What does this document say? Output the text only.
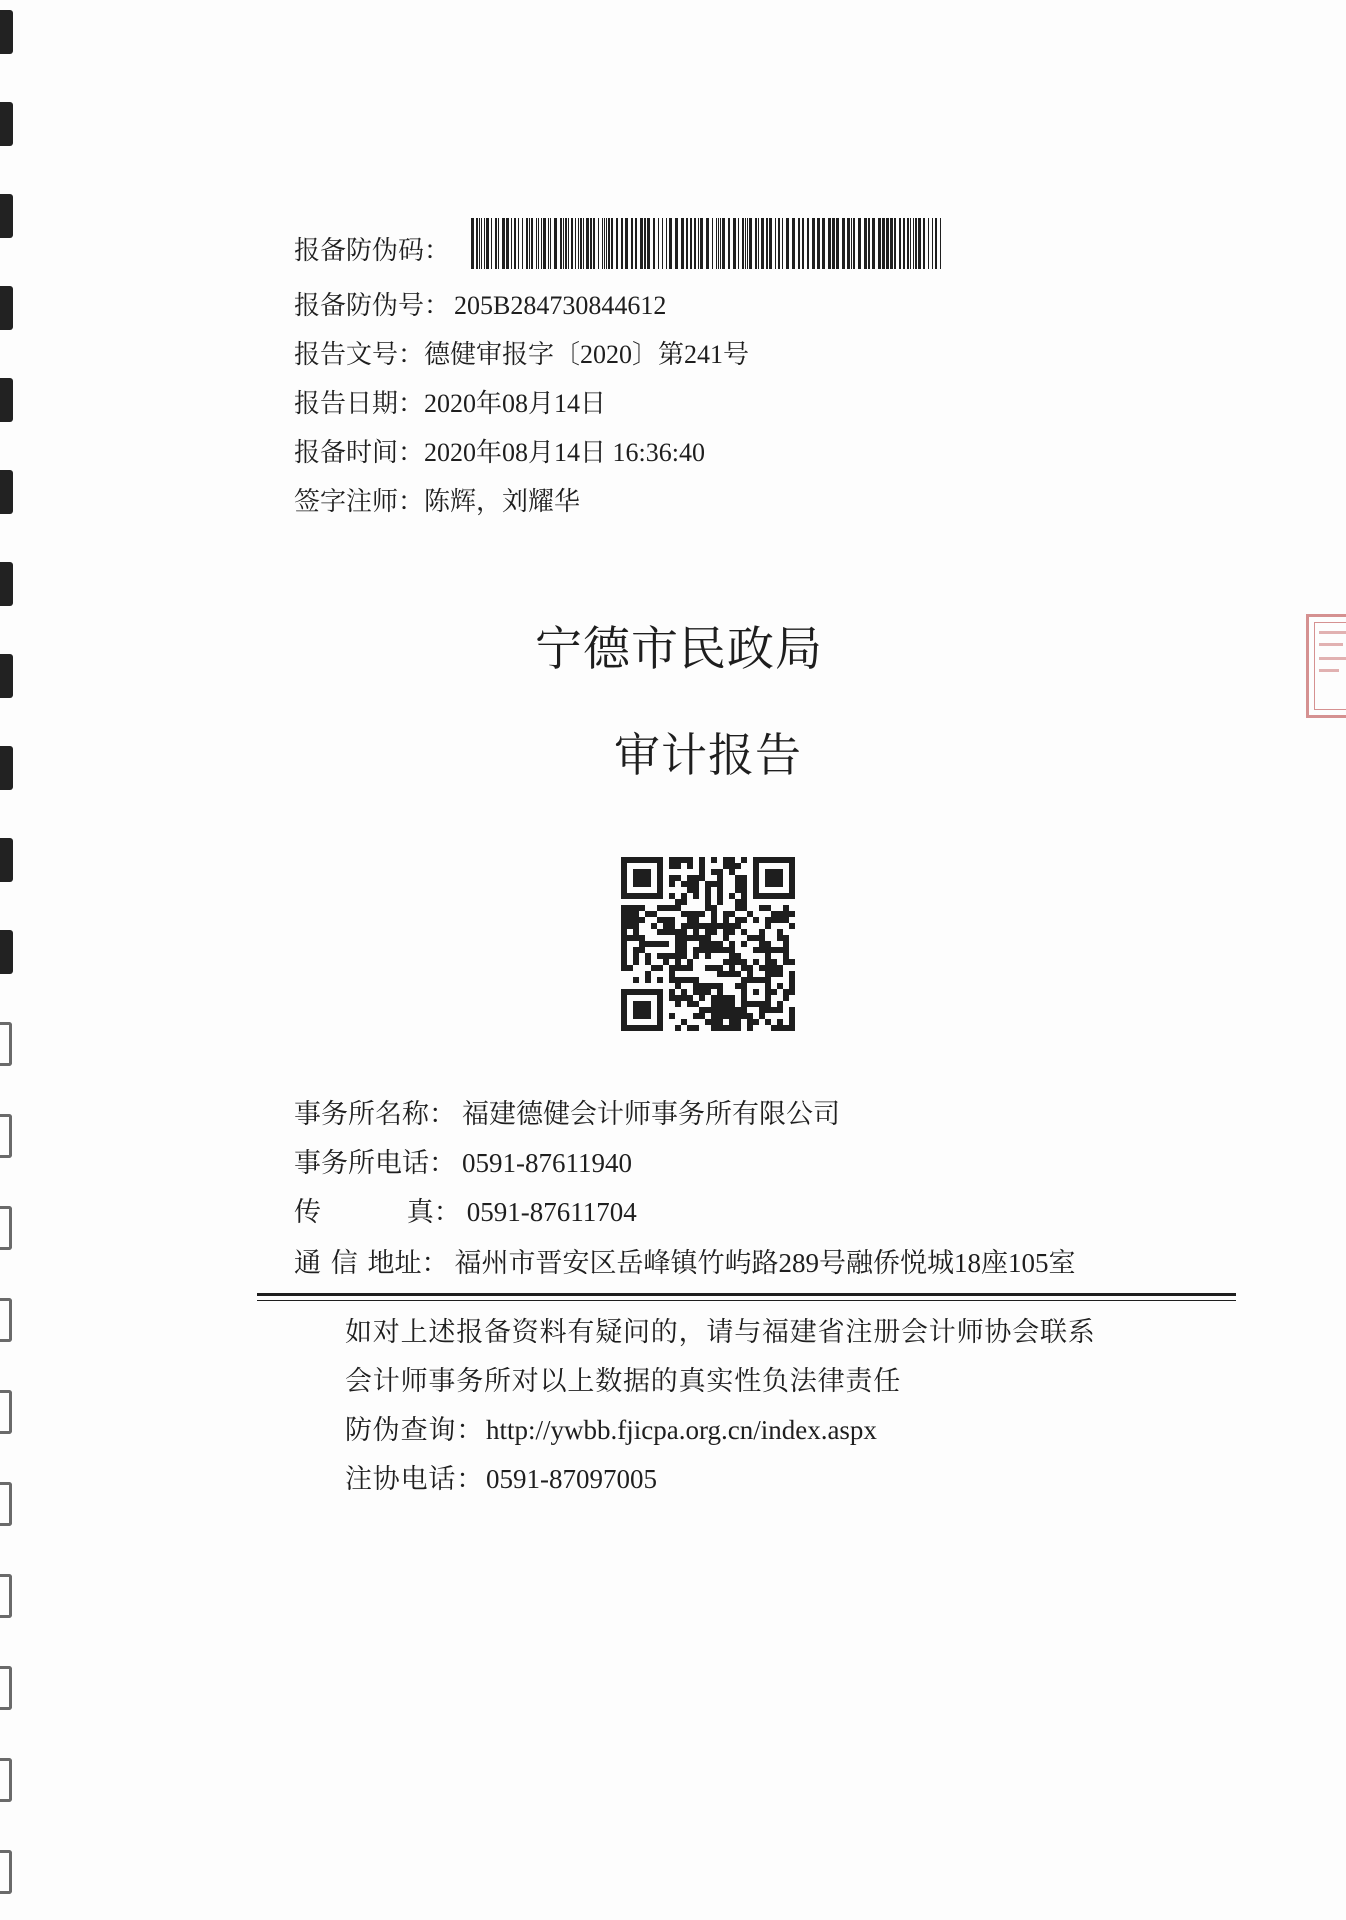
报备防伪码：
报备防伪号： 205B284730844612
报告文号：德健审报字〔2020〕第241号
报告日期：2020年08月14日
报备时间：2020年08月14日 16:36:40
签字注师：陈辉，刘耀华
宁德市民政局
审计报告
事务所名称： 福建德健会计师事务所有限公司
事务所电话： 0591-87611940
传 真： 0591-87611704
通 信 地址： 福州市晋安区岳峰镇竹屿路289号融侨悦城18座105室
如对上述报备资料有疑问的，请与福建省注册会计师协会联系
会计师事务所对以上数据的真实性负法律责任
防伪查询：http://ywbb.fjicpa.org.cn/index.aspx
注协电话：0591-87097005
